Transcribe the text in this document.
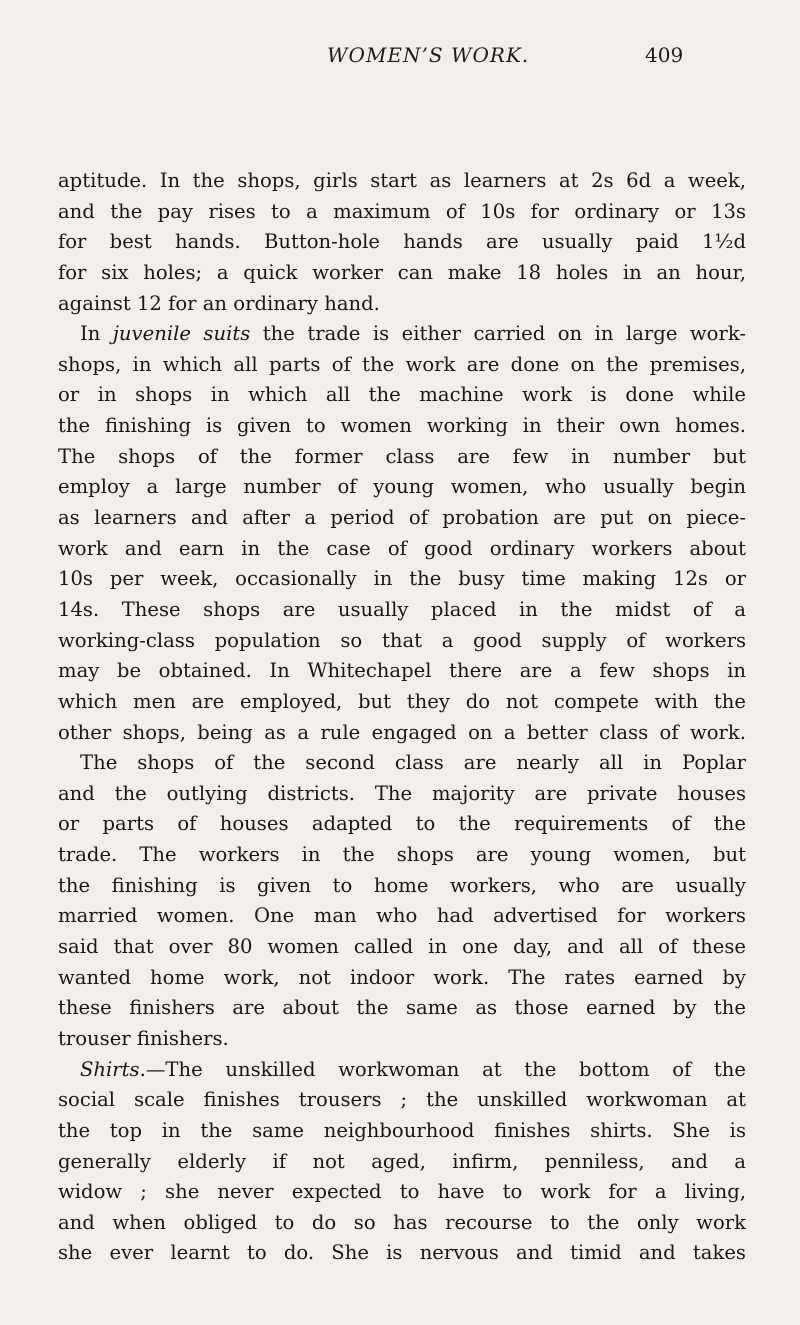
WOMEN’S WORK.	409
aptitude. In the shops, girls start as learners at 2s 6d a week,
and the pay rises to a maximum of 10s for ordinary or 13s
for best hands. Button-hole hands are usually paid 1½d
for six holes; a quick worker can make 18 holes in an hour,
against 12 for an ordinary hand.
In juvenile suits the trade is either carried on in large work-
shops, in which all parts of the work are done on the premises,
or in shops in which all the machine work is done while
the finishing is given to women working in their own homes.
The shops of the former class are few in number but
employ a large number of young women, who usually begin
as learners and after a period of probation are put on piece-
work and earn in the case of good ordinary workers about
10s per week, occasionally in the busy time making 12s or
14s. These shops are usually placed in the midst of a
working-class population so that a good supply of workers
may be obtained. In Whitechapel there are a few shops in
which men are employed, but they do not compete with the
other shops, being as a rule engaged on a better class of work.
The shops of the second class are nearly all in Poplar
and the outlying districts. The majority are private houses
or parts of houses adapted to the requirements of the
trade. The workers in the shops are young women, but
the finishing is given to home workers, who are usually
married women. One man who had advertised for workers
said that over 80 women called in one day, and all of these
wanted home work, not indoor work. The rates earned by
these finishers are about the same as those earned by the
trouser finishers.
Shirts.—The unskilled workwoman at the bottom of the
social scale finishes trousers ; the unskilled workwoman at
the top in the same neighbourhood finishes shirts. She is
generally elderly if not aged, infirm, penniless, and a
widow ; she never expected to have to work for a living,
and when obliged to do so has recourse to the only work
she ever learnt to do. She is nervous and timid and takes
